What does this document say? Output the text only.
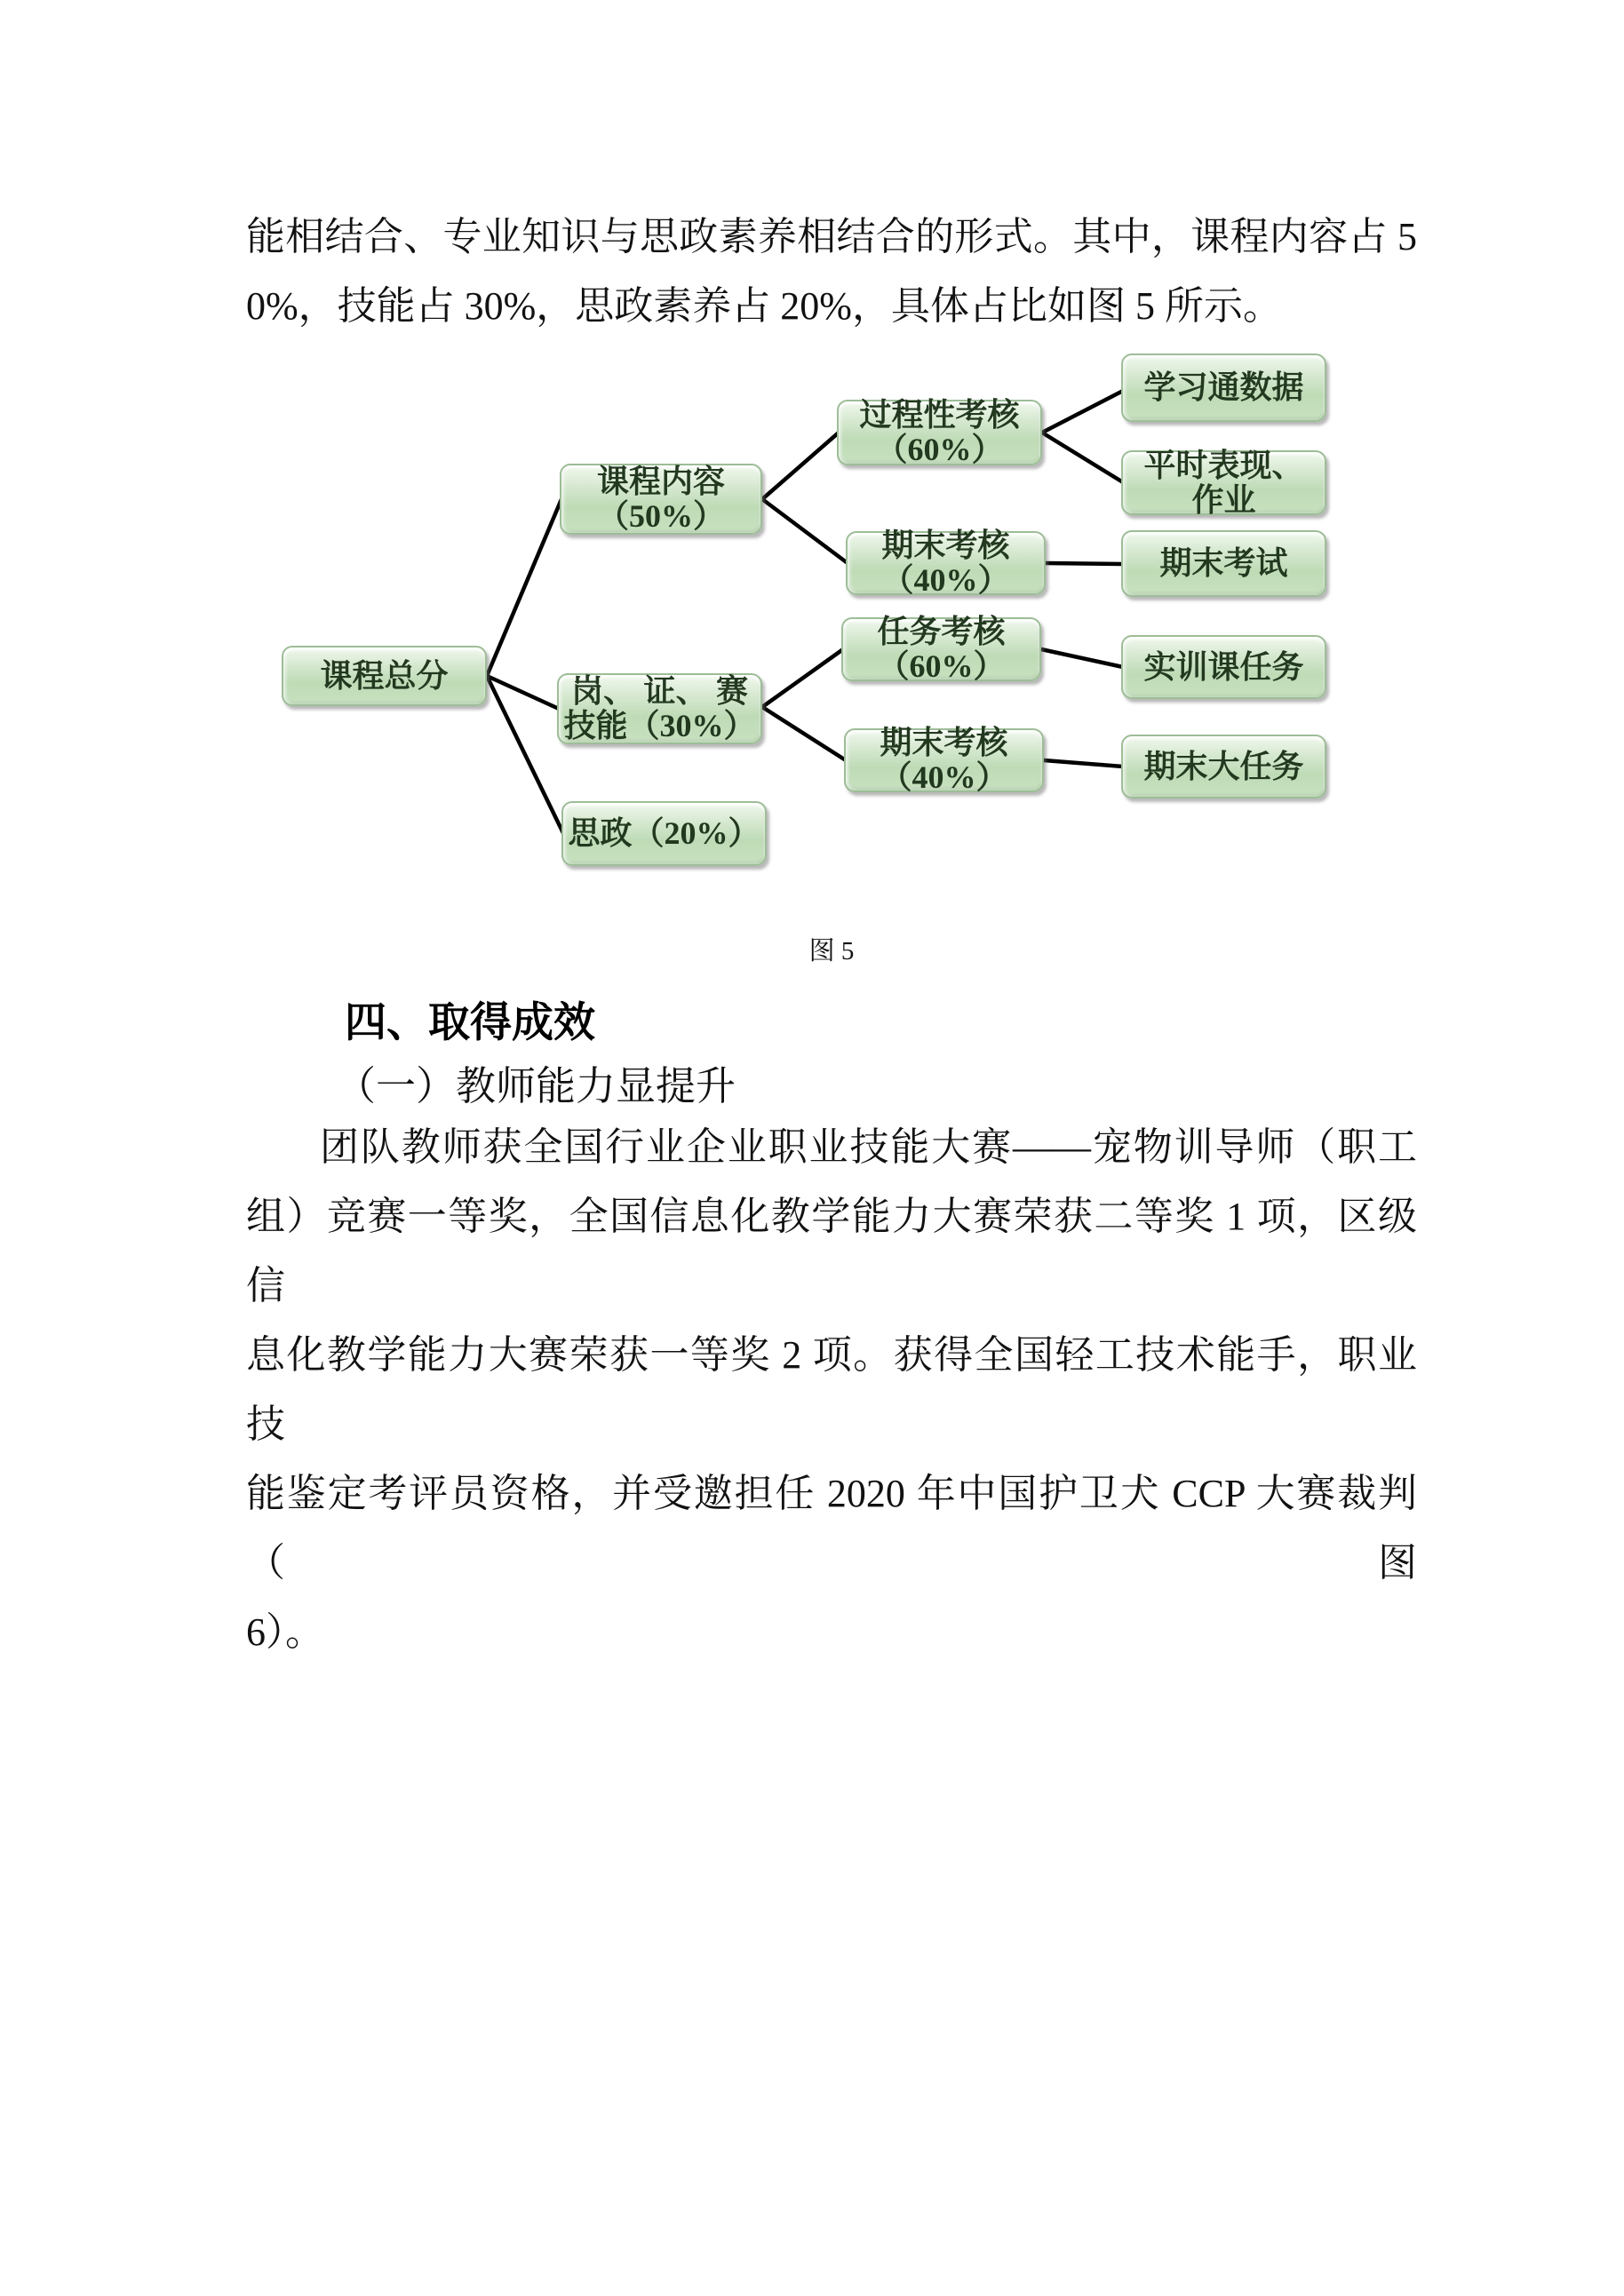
能相结合、专业知识与思政素养相结合的形式。其中，课程内容占 5
0%，技能占 30%，思政素养占 20%，具体占比如图 5 所示。
课程总分
课程内容
（50%）
岗、 证、 赛
技能（30%）
思政（20%）
过程性考核
（60%）
期末考核
（40%）
任务考核
（60%）
期末考核
（40%）
学习通数据
平时表现、
作业
期末考试
实训课任务
期末大任务
图 5
四、取得成效
（一）教师能力显提升
团队教师获全国行业企业职业技能大赛——宠物训导师（职工
组）竞赛一等奖，全国信息化教学能力大赛荣获二等奖 1 项，区级信
息化教学能力大赛荣获一等奖 2 项。获得全国轻工技术能手，职业技
能鉴定考评员资格，并受邀担任 2020 年中国护卫犬 CCP 大赛裁判（图
6）。
